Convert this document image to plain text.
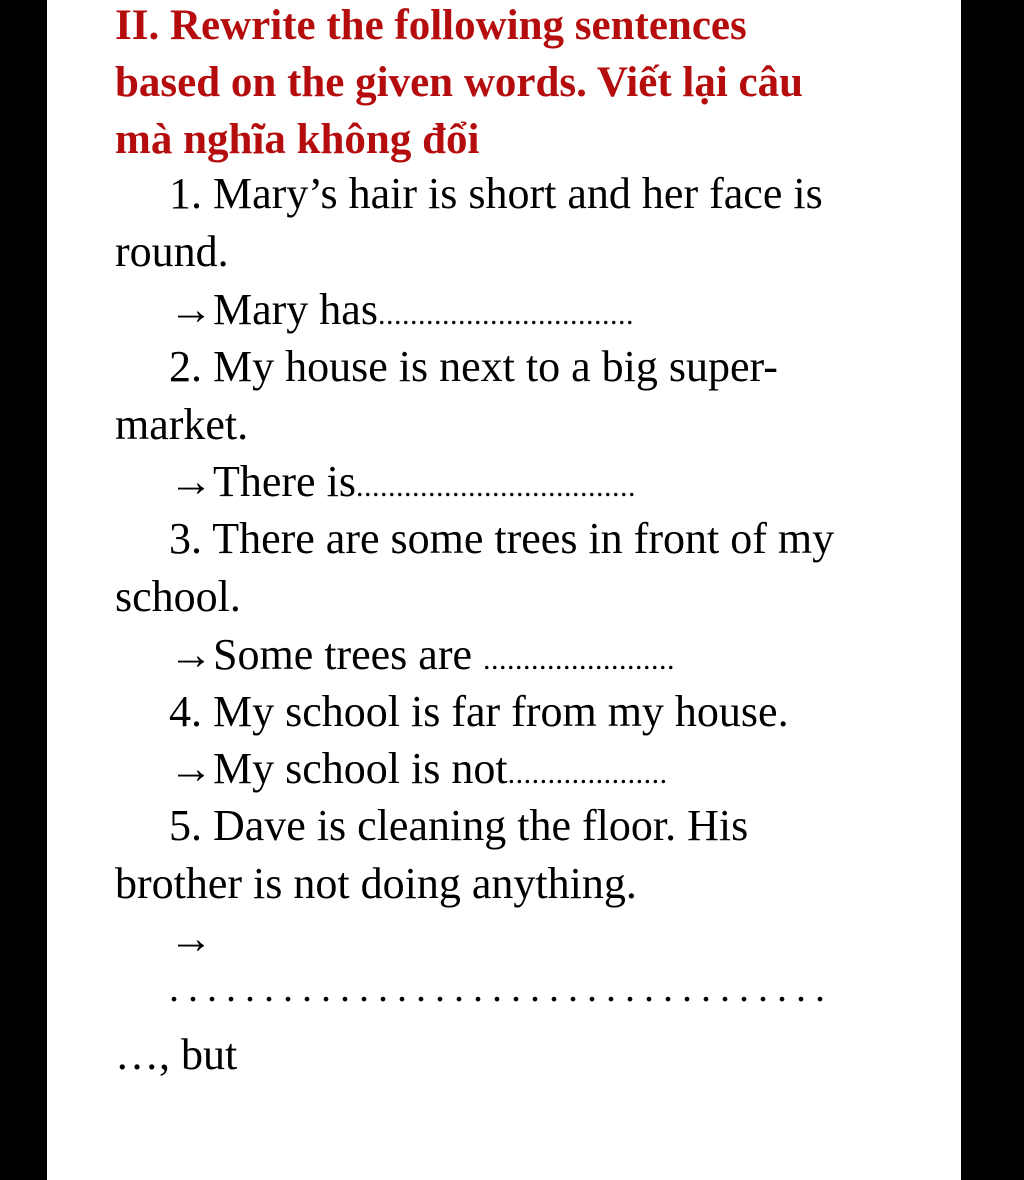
II. Rewrite the following sentences

based on the given words. Viết lại câu

mà nghĩa không đổi

1. Mary’s hair is short and her face is

round.

→Mary has................................

2. My house is next to a big super-

market.

→There is...................................

3. There are some trees in front of my

school.

→Some trees are ........................

4. My school is far from my house.

→My school is not....................

5. Dave is cleaning the floor. His

brother is not doing anything.

→

...................................

…, but
